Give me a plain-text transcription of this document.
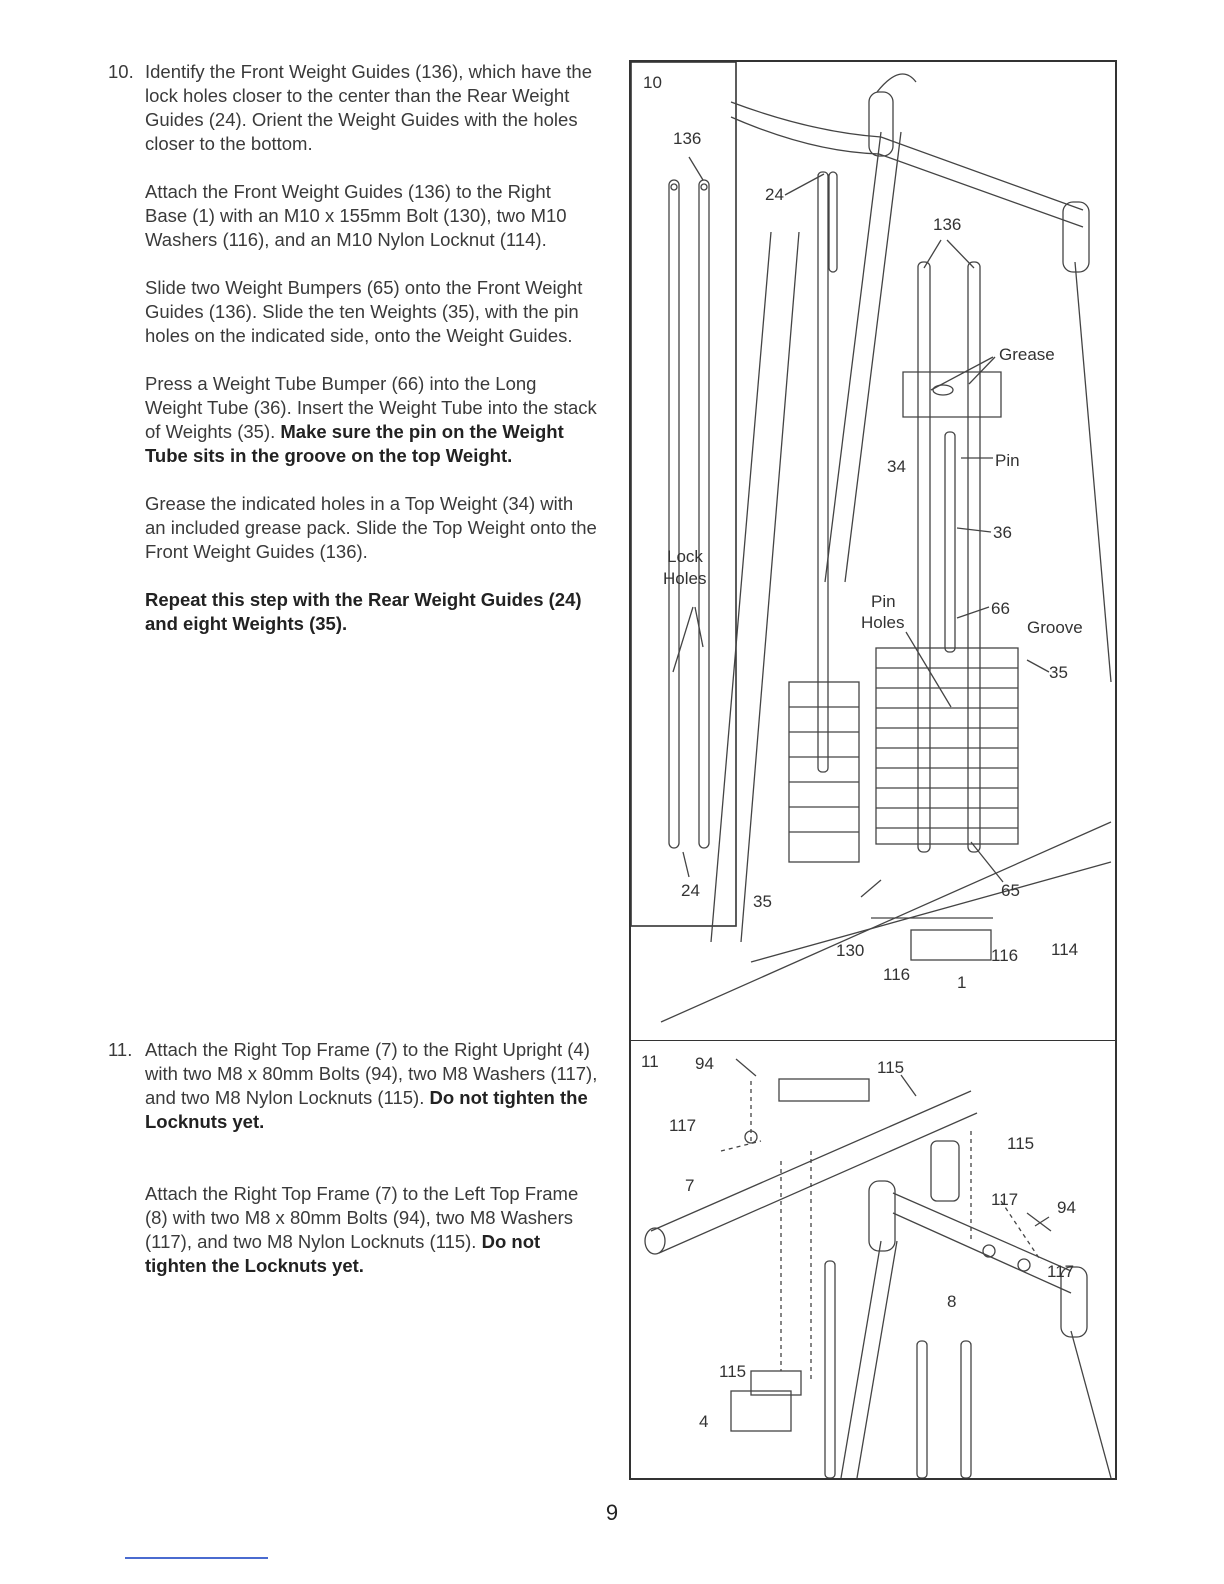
10. Identify the Front Weight Guides (136), which have the lock holes closer to the center than the Rear Weight Guides (24). Orient the Weight Guides with the holes closer to the bottom.

Attach the Front Weight Guides (136) to the Right Base (1) with an M10 x 155mm Bolt (130), two M10 Washers (116), and an M10 Nylon Locknut (114).

Slide two Weight Bumpers (65) onto the Front Weight Guides (136). Slide the ten Weights (35), with the pin holes on the indicated side, onto the Weight Guides.

Press a Weight Tube Bumper (66) into the Long Weight Tube (36). Insert the Weight Tube into the stack of Weights (35). Make sure the pin on the Weight Tube sits in the groove on the top Weight.

Grease the indicated holes in a Top Weight (34) with an included grease pack. Slide the Top Weight onto the Front Weight Guides (136).

Repeat this step with the Rear Weight Guides (24) and eight Weights (35).

11. Attach the Right Top Frame (7) to the Right Upright (4) with two M8 x 80mm Bolts (94), two M8 Washers (117), and two M8 Nylon Locknuts (115). Do not tighten the Locknuts yet.

Attach the Right Top Frame (7) to the Left Top Frame (8) with two M8 x 80mm Bolts (94), two M8 Washers (117), and two M8 Nylon Locknuts (115). Do not tighten the Locknuts yet.

10
136
24
136
Grease
34	Pin
36
Lock
Holes
Pin
Holes
66
Groove
35
24
35
65
130	116
116
114
1
11 94	115
117
115
7
117 94
117
8
115
4
9
